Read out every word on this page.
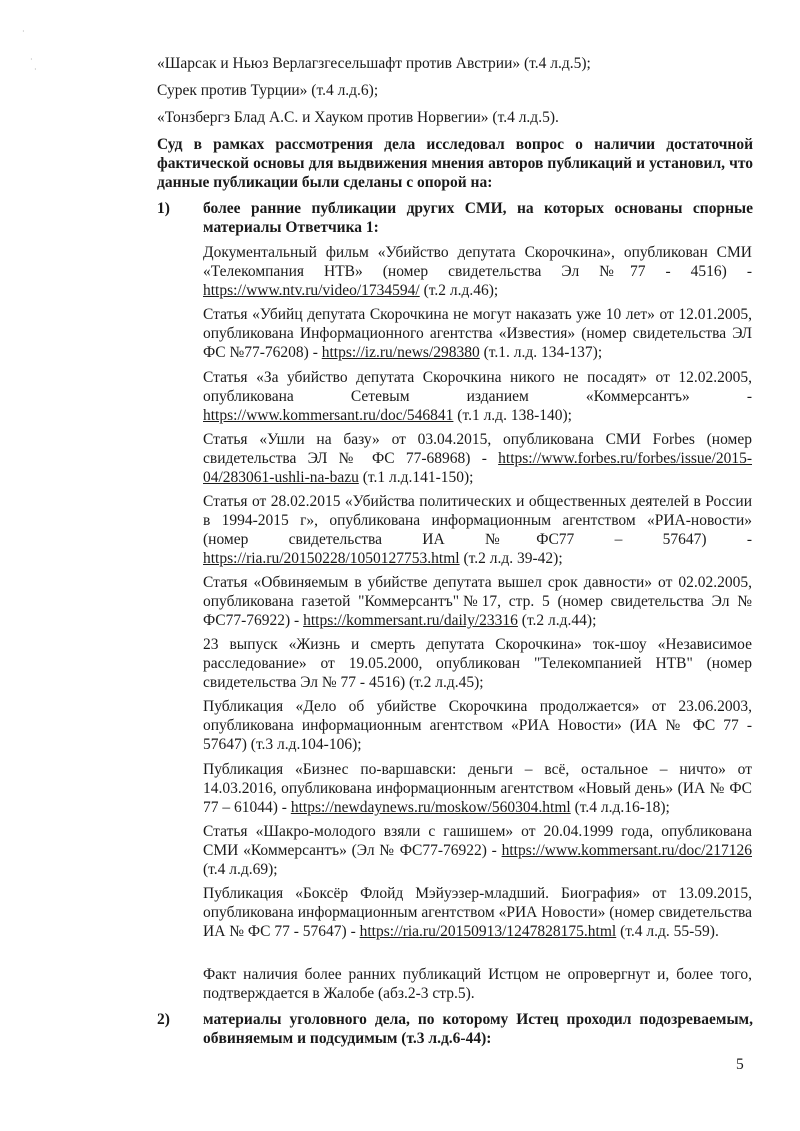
·
·
·	«Шарсак и Ньюз Верлагзгесельшафт против Австрии» (т.4 л.д.5);
Сурек против Турции» (т.4 л.д.6);
«Тонзбергз Блад А.С. и Хауком против Норвегии» (т.4 л.д.5).
Суд в рамках рассмотрения дела исследовал вопрос о наличии достаточной фактической основы для выдвижения мнения авторов публикаций и установил, что данные публикации были сделаны с опорой на:
1) более ранние публикации других СМИ, на которых основаны спорные материалы Ответчика 1:
Документальный фильм «Убийство депутата Скорочкина», опубликован СМИ «Телекомпания НТВ» (номер свидетельства Эл №77 - 4516) - https://www.ntv.ru/video/1734594/ (т.2 л.д.46);
Статья «Убийц депутата Скорочкина не могут наказать уже 10 лет» от 12.01.2005, опубликована Информационного агентства «Известия» (номер свидетельства ЭЛ ФС №77-76208) - https://iz.ru/news/298380 (т.1. л.д. 134-137);
Статья «За убийство депутата Скорочкина никого не посадят» от 12.02.2005, опубликована Сетевым изданием «Коммерсантъ» - https://www.kommersant.ru/doc/546841 (т.1 л.д. 138-140);
Статья «Ушли на базу» от 03.04.2015, опубликована СМИ Forbes (номер свидетельства ЭЛ № ФС 77-68968) - https://www.forbes.ru/forbes/issue/2015-04/283061-ushli-na-bazu (т.1 л.д.141-150);
Статья от 28.02.2015 «Убийства политических и общественных деятелей в России в 1994-2015 г», опубликована информационным агентством «РИА-новости» (номер свидетельства ИА №ФС77 – 57647) - https://ria.ru/20150228/1050127753.html (т.2 л.д. 39-42);
Статья «Обвиняемым в убийстве депутата вышел срок давности» от 02.02.2005, опубликована газетой "Коммерсантъ"№17, стр. 5 (номер свидетельства Эл № ФС77-76922) - https://kommersant.ru/daily/23316 (т.2 л.д.44);
23 выпуск «Жизнь и смерть депутата Скорочкина» ток-шоу «Независимое расследование» от 19.05.2000, опубликован "Телекомпанией НТВ" (номер свидетельства Эл № 77 - 4516) (т.2 л.д.45);
Публикация «Дело об убийстве Скорочкина продолжается» от 23.06.2003, опубликована информационным агентством «РИА Новости» (ИА № ФС 77 - 57647) (т.3 л.д.104-106);
Публикация «Бизнес по-варшавски: деньги – всё, остальное – ничто» от 14.03.2016, опубликована информационным агентством «Новый день» (ИА № ФС 77 – 61044) - https://newdaynews.ru/moskow/560304.html (т.4 л.д.16-18);
Статья «Шакро-молодого взяли с гашишем» от 20.04.1999 года, опубликована СМИ «Коммерсантъ» (Эл № ФС77-76922) - https://www.kommersant.ru/doc/217126 (т.4 л.д.69);
Публикация «Боксёр Флойд Мэйуэзер-младший. Биография» от 13.09.2015, опубликована информационным агентством «РИА Новости» (номер свидетельства ИА № ФС 77 - 57647) - https://ria.ru/20150913/1247828175.html (т.4 л.д. 55-59).
Факт наличия более ранних публикаций Истцом не опровергнут и, более того, подтверждается в Жалобе (абз.2-3 стр.5).
2) материалы уголовного дела, по которому Истец проходил подозреваемым, обвиняемым и подсудимым (т.3 л.д.6-44):
5
